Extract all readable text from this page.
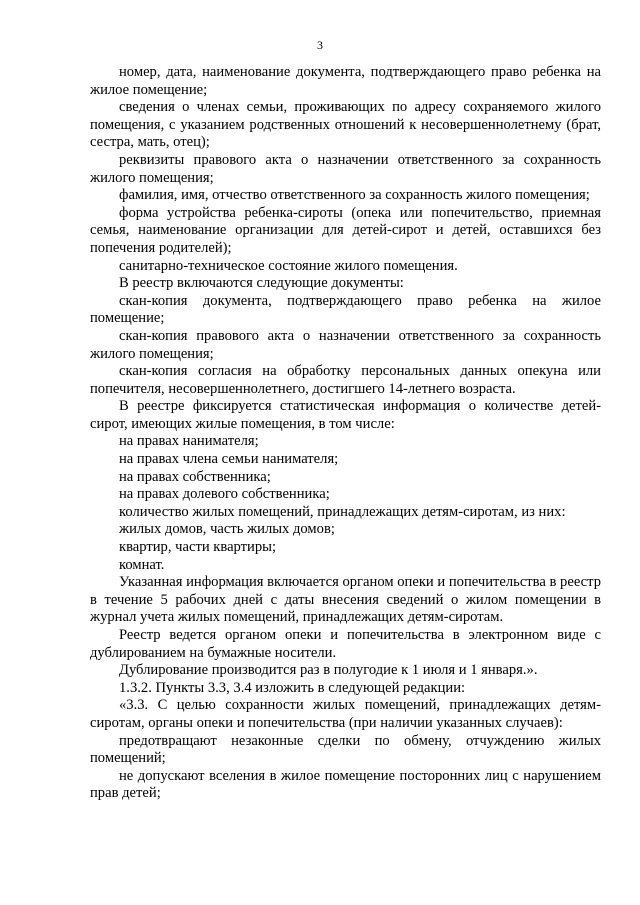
3

номер, дата, наименование документа, подтверждающего право ребенка на жилое помещение;

сведения о членах семьи, проживающих по адресу сохраняемого жилого помещения, с указанием родственных отношений к несовершеннолетнему (брат, сестра, мать, отец);

реквизиты правового акта о назначении ответственного за сохранность жилого помещения;

фамилия, имя, отчество ответственного за сохранность жилого помещения;

форма устройства ребенка-сироты (опека или попечительство, приемная семья, наименование организации для детей-сирот и детей, оставшихся без попечения родителей);

санитарно-техническое состояние жилого помещения.

В реестр включаются следующие документы:

скан-копия документа, подтверждающего право ребенка на жилое помещение;

скан-копия правового акта о назначении ответственного за сохранность жилого помещения;

скан-копия согласия на обработку персональных данных опекуна или попечителя, несовершеннолетнего, достигшего 14-летнего возраста.

В реестре фиксируется статистическая информация о количестве детей-сирот, имеющих жилые помещения, в том числе:

на правах нанимателя;

на правах члена семьи нанимателя;

на правах собственника;

на правах долевого собственника;

количество жилых помещений, принадлежащих детям-сиротам, из них:

жилых домов, часть жилых домов;

квартир, части квартиры;

комнат.

Указанная информация включается органом опеки и попечительства в реестр в течение 5 рабочих дней с даты внесения сведений о жилом помещении в журнал учета жилых помещений, принадлежащих детям-сиротам.

Реестр ведется органом опеки и попечительства в электронном виде с дублированием на бумажные носители.

Дублирование производится раз в полугодие к 1 июля и 1 января.».

1.3.2. Пункты 3.3, 3.4 изложить в следующей редакции:

«3.3. С целью сохранности жилых помещений, принадлежащих детям-сиротам, органы опеки и попечительства (при наличии указанных случаев):

предотвращают незаконные сделки по обмену, отчуждению жилых помещений;

не допускают вселения в жилое помещение посторонних лиц с нарушением прав детей;
